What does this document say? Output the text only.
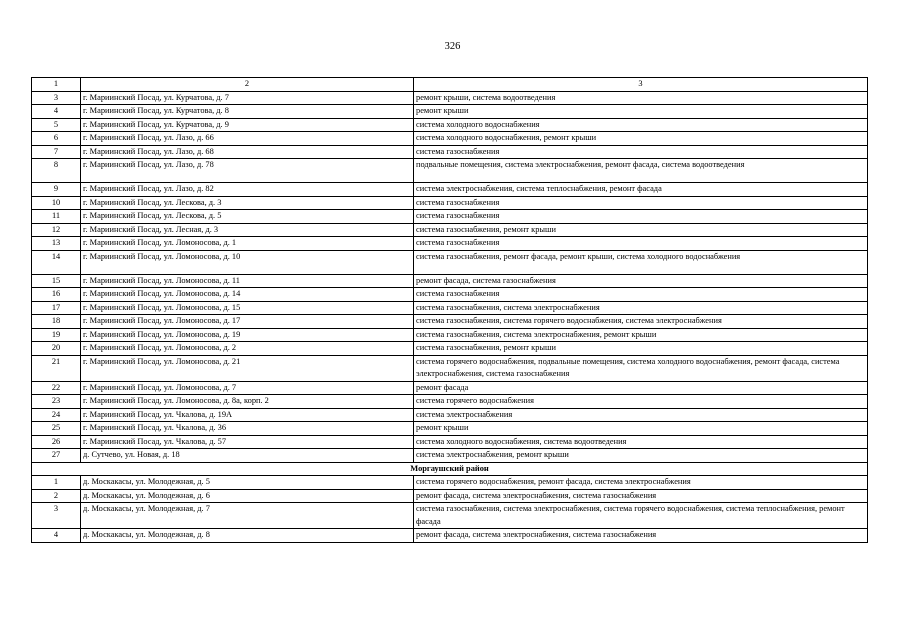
326
1	2	3
3	г. Мариинский Посад, ул. Курчатова, д. 7	ремонт крыши, система водоотведения
4	г. Мариинский Посад, ул. Курчатова, д. 8	ремонт крыши
5	г. Мариинский Посад, ул. Курчатова, д. 9	система холодного водоснабжения
6	г. Мариинский Посад, ул. Лазо, д. 66	система холодного водоснабжения, ремонт крыши
7	г. Мариинский Посад, ул. Лазо, д. 68	система газоснабжения
8	г. Мариинский Посад, ул. Лазо, д. 78	подвальные помещения, система электроснабжения, ремонт фасада, система водоотведения
9	г. Мариинский Посад, ул. Лазо, д. 82	система электроснабжения, система теплоснабжения, ремонт фасада
10	г. Мариинский Посад, ул. Лескова, д. 3	система газоснабжения
11	г. Мариинский Посад, ул. Лескова, д. 5	система газоснабжения
12	г. Мариинский Посад, ул. Лесная, д. 3	система газоснабжения, ремонт крыши
13	г. Мариинский Посад, ул. Ломоносова, д. 1	система газоснабжения
14	г. Мариинский Посад, ул. Ломоносова, д. 10	система газоснабжения, ремонт фасада, ремонт крыши, система холодного водоснабжения
15	г. Мариинский Посад, ул. Ломоносова, д. 11	ремонт фасада, система газоснабжения
16	г. Мариинский Посад, ул. Ломоносова, д. 14	система газоснабжения
17	г. Мариинский Посад, ул. Ломоносова, д. 15	система газоснабжения, система электроснабжения
18	г. Мариинский Посад, ул. Ломоносова, д. 17	система газоснабжения, система горячего водоснабжения, система электроснабжения
19	г. Мариинский Посад, ул. Ломоносова, д. 19	система газоснабжения, система электроснабжения, ремонт крыши
20	г. Мариинский Посад, ул. Ломоносова, д. 2	система газоснабжения, ремонт крыши
21	г. Мариинский Посад, ул. Ломоносова, д. 21	система горячего водоснабжения, подвальные помещения, система холодного водоснабжения, ремонт фасада, система электроснабжения, система газоснабжения
22	г. Мариинский Посад, ул. Ломоносова, д. 7	ремонт фасада
23	г. Мариинский Посад, ул. Ломоносова, д. 8а, корп. 2	система горячего водоснабжения
24	г. Мариинский Посад, ул. Чкалова, д. 19А	система электроснабжения
25	г. Мариинский Посад, ул. Чкалова, д. 36	ремонт крыши
26	г. Мариинский Посад, ул. Чкалова, д. 57	система холодного водоснабжения, система водоотведения
27	д. Сутчево, ул. Новая, д. 18	система электроснабжения, ремонт крыши
Моргаушский район		
1	д. Москакасы, ул. Молодежная, д. 5	система горячего водоснабжения, ремонт фасада, система электроснабжения
2	д. Москакасы, ул. Молодежная, д. 6	ремонт фасада, система электроснабжения, система газоснабжения
3	д. Москакасы, ул. Молодежная, д. 7	система газоснабжения, система электроснабжения, система горячего водоснабжения, система теплоснабжения, ремонт фасада
4	д. Москакасы, ул. Молодежная, д. 8	ремонт фасада, система электроснабжения, система газоснабжения
